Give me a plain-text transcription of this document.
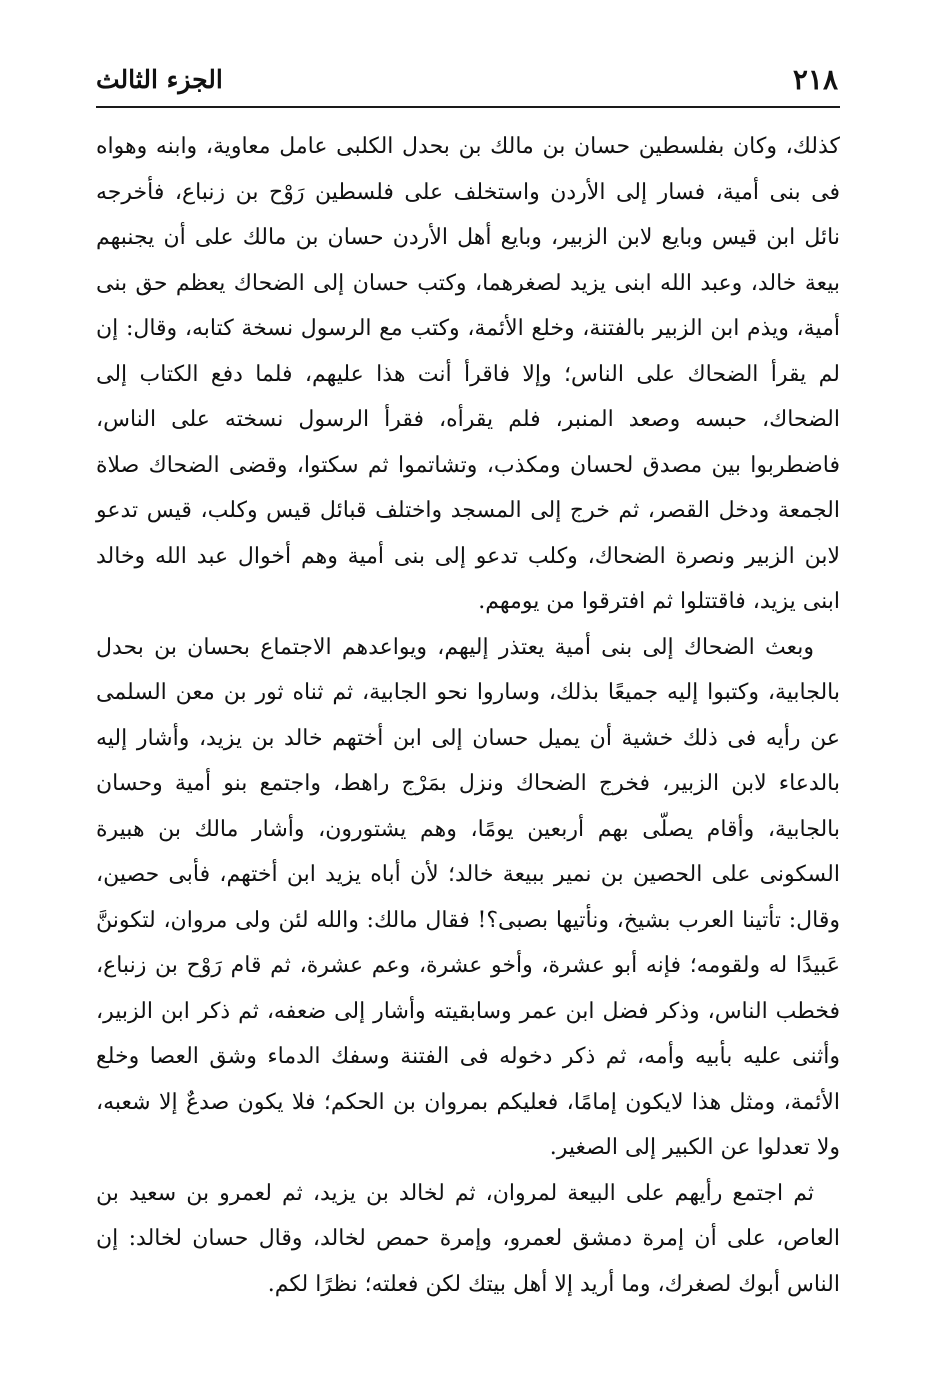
٢١٨
الجزء الثالث

كذلك، وكان بفلسطين حسان بن مالك بن بحدل الكلبى عامل معاوية، وابنه وهواه فى بنى أمية، فسار إلى الأردن واستخلف على فلسطين رَوْح بن زنباع، فأخرجه نائل ابن قيس وبايع لابن الزبير، وبايع أهل الأردن حسان بن مالك على أن يجنبهم بيعة خالد، وعبد الله ابنى يزيد لصغرهما، وكتب حسان إلى الضحاك يعظم حق بنى أمية، ويذم ابن الزبير بالفتنة، وخلع الأئمة، وكتب مع الرسول نسخة كتابه، وقال: إن لم يقرأ الضحاك على الناس؛ وإلا فاقرأ أنت هذا عليهم، فلما دفع الكتاب إلى الضحاك، حبسه وصعد المنبر، فلم يقرأه، فقرأ الرسول نسخته على الناس، فاضطربوا بين مصدق لحسان ومكذب، وتشاتموا ثم سكتوا، وقضى الضحاك صلاة الجمعة ودخل القصر، ثم خرج إلى المسجد واختلف قبائل قيس وكلب، قيس تدعو لابن الزبير ونصرة الضحاك، وكلب تدعو إلى بنى أمية وهم أخوال عبد الله وخالد ابنى يزيد، فاقتتلوا ثم افترقوا من يومهم.

وبعث الضحاك إلى بنى أمية يعتذر إليهم، ويواعدهم الاجتماع بحسان بن بحدل بالجابية، وكتبوا إليه جميعًا بذلك، وساروا نحو الجابية، ثم ثناه ثور بن معن السلمى عن رأيه فى ذلك خشية أن يميل حسان إلى ابن أختهم خالد بن يزيد، وأشار إليه بالدعاء لابن الزبير، فخرج الضحاك ونزل بمَرْج راهط، واجتمع بنو أمية وحسان بالجابية، وأقام يصلّى بهم أربعين يومًا، وهم يشتورون، وأشار مالك بن هبيرة السكونى على الحصين بن نمير ببيعة خالد؛ لأن أباه يزيد ابن أختهم، فأبى حصين، وقال: تأتينا العرب بشيخ، ونأتيها بصبى؟! فقال مالك: والله لئن ولى مروان، لتكوننَّ عَبيدًا له ولقومه؛ فإنه أبو عشرة، وأخو عشرة، وعم عشرة، ثم قام رَوْح بن زنباع، فخطب الناس، وذكر فضل ابن عمر وسابقيته وأشار إلى ضعفه، ثم ذكر ابن الزبير، وأثنى عليه بأبيه وأمه، ثم ذكر دخوله فى الفتنة وسفك الدماء وشق العصا وخلع الأئمة، ومثل هذا لايكون إمامًا، فعليكم بمروان بن الحكم؛ فلا يكون صدعٌ إلا شعبه، ولا تعدلوا عن الكبير إلى الصغير.

ثم اجتمع رأيهم على البيعة لمروان، ثم لخالد بن يزيد، ثم لعمرو بن سعيد بن العاص، على أن إمرة دمشق لعمرو، وإمرة حمص لخالد، وقال حسان لخالد: إن الناس أبوك لصغرك، وما أريد إلا أهل بيتك لكن فعلته؛ نظرًا لكم.
